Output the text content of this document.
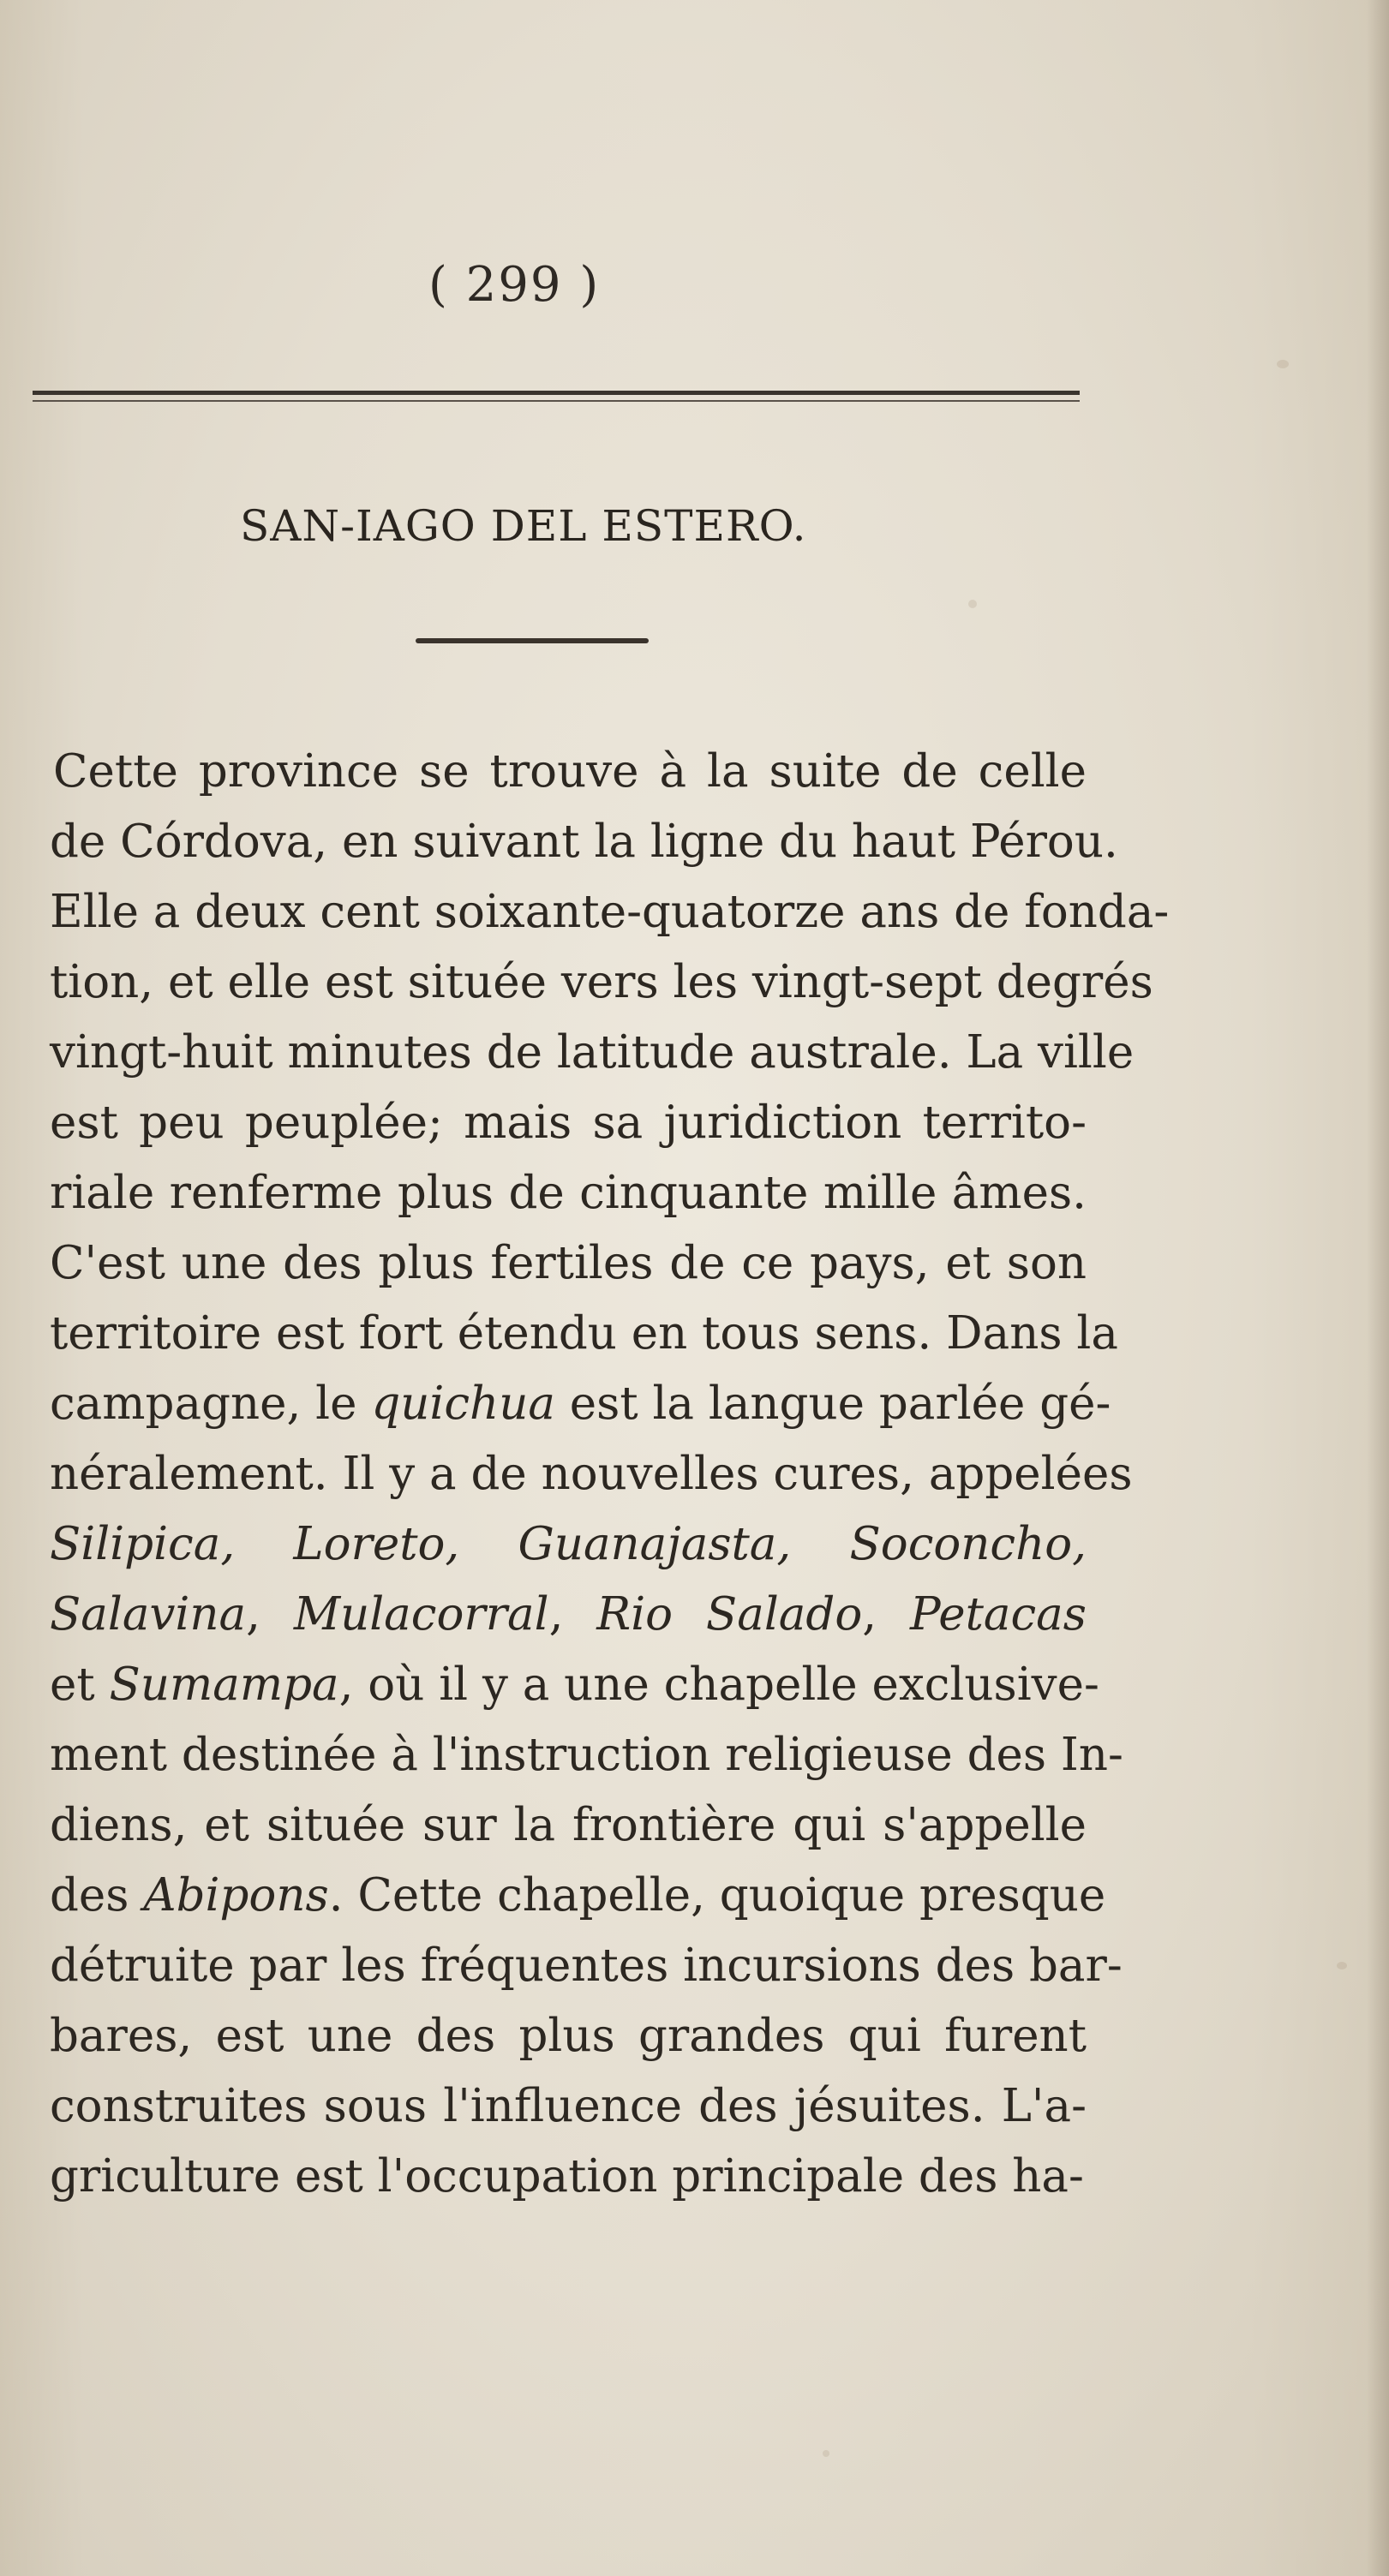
( 299 )
SAN-IAGO DEL ESTERO.
Cette province se trouve à la suite de celle
de Córdova, en suivant la ligne du haut Pérou.
Elle a deux cent soixante-quatorze ans de fonda-
tion, et elle est située vers les vingt-sept degrés
vingt-huit minutes de latitude australe. La ville
est peu peuplée; mais sa juridiction territo-
riale renferme plus de cinquante mille âmes.
C'est une des plus fertiles de ce pays, et son
territoire est fort étendu en tous sens. Dans la
campagne, le quichua est la langue parlée gé-
néralement. Il y a de nouvelles cures, appelées
Silipica, Loreto, Guanajasta, Soconcho,
Salavina, Mulacorral, Rio Salado, Petacas
et Sumampa, où il y a une chapelle exclusive-
ment destinée à l'instruction religieuse des In-
diens, et située sur la frontière qui s'appelle
des Abipons. Cette chapelle, quoique presque
détruite par les fréquentes incursions des bar-
bares, est une des plus grandes qui furent
construites sous l'influence des jésuites. L'a-
griculture est l'occupation principale des ha-
